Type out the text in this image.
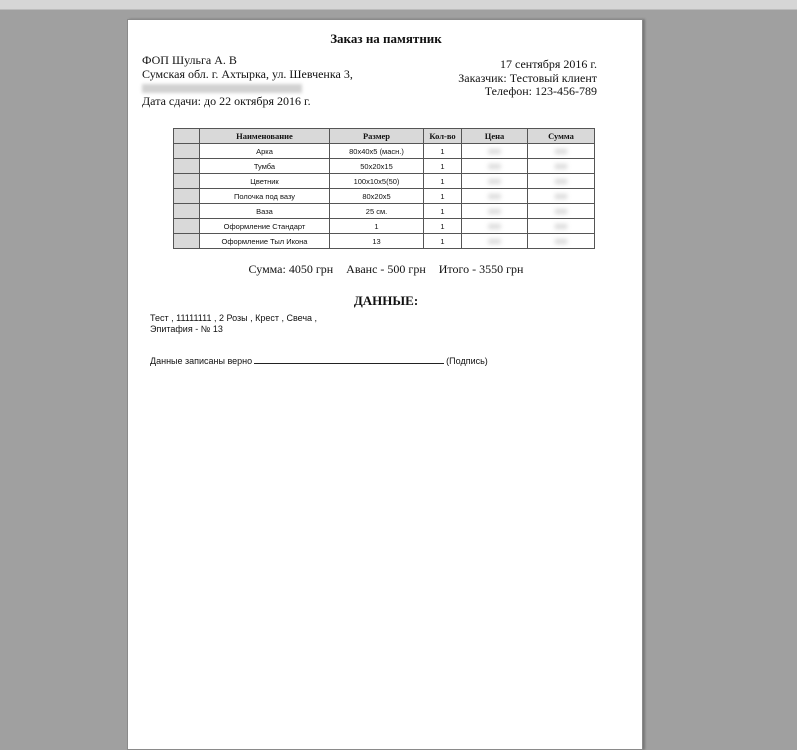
Заказ на памятник
ФОП Шульга А. В
Сумская обл. г. Ахтырка, ул. Шевченка 3,
Дата сдачи: до 22 октября 2016 г.
17 сентября 2016 г.
Заказчик: Тестовый клиент
Телефон: 123-456-789
	Наименование	Размер	Кол-во	Цена	Сумма
	Арка	80x40x5 (масн.)	1	000	000
	Тумба	50x20x15	1	000	000
	Цветник	100x10x5(50)	1	000	000
	Полочка под вазу	80x20x5	1	000	000
	Ваза	25 см.	1	000	000
	Оформление Стандарт	1	1	000	000
	Оформление Тыл Икона	13	1	000	000
Сумма: 4050 грн Аванс - 500 грн Итого - 3550 грн
ДАННЫЕ:
Тест , 11111111 , 2 Розы , Крест , Свеча ,
Эпитафия - № 13
Данные записаны верно	(Подпись)
